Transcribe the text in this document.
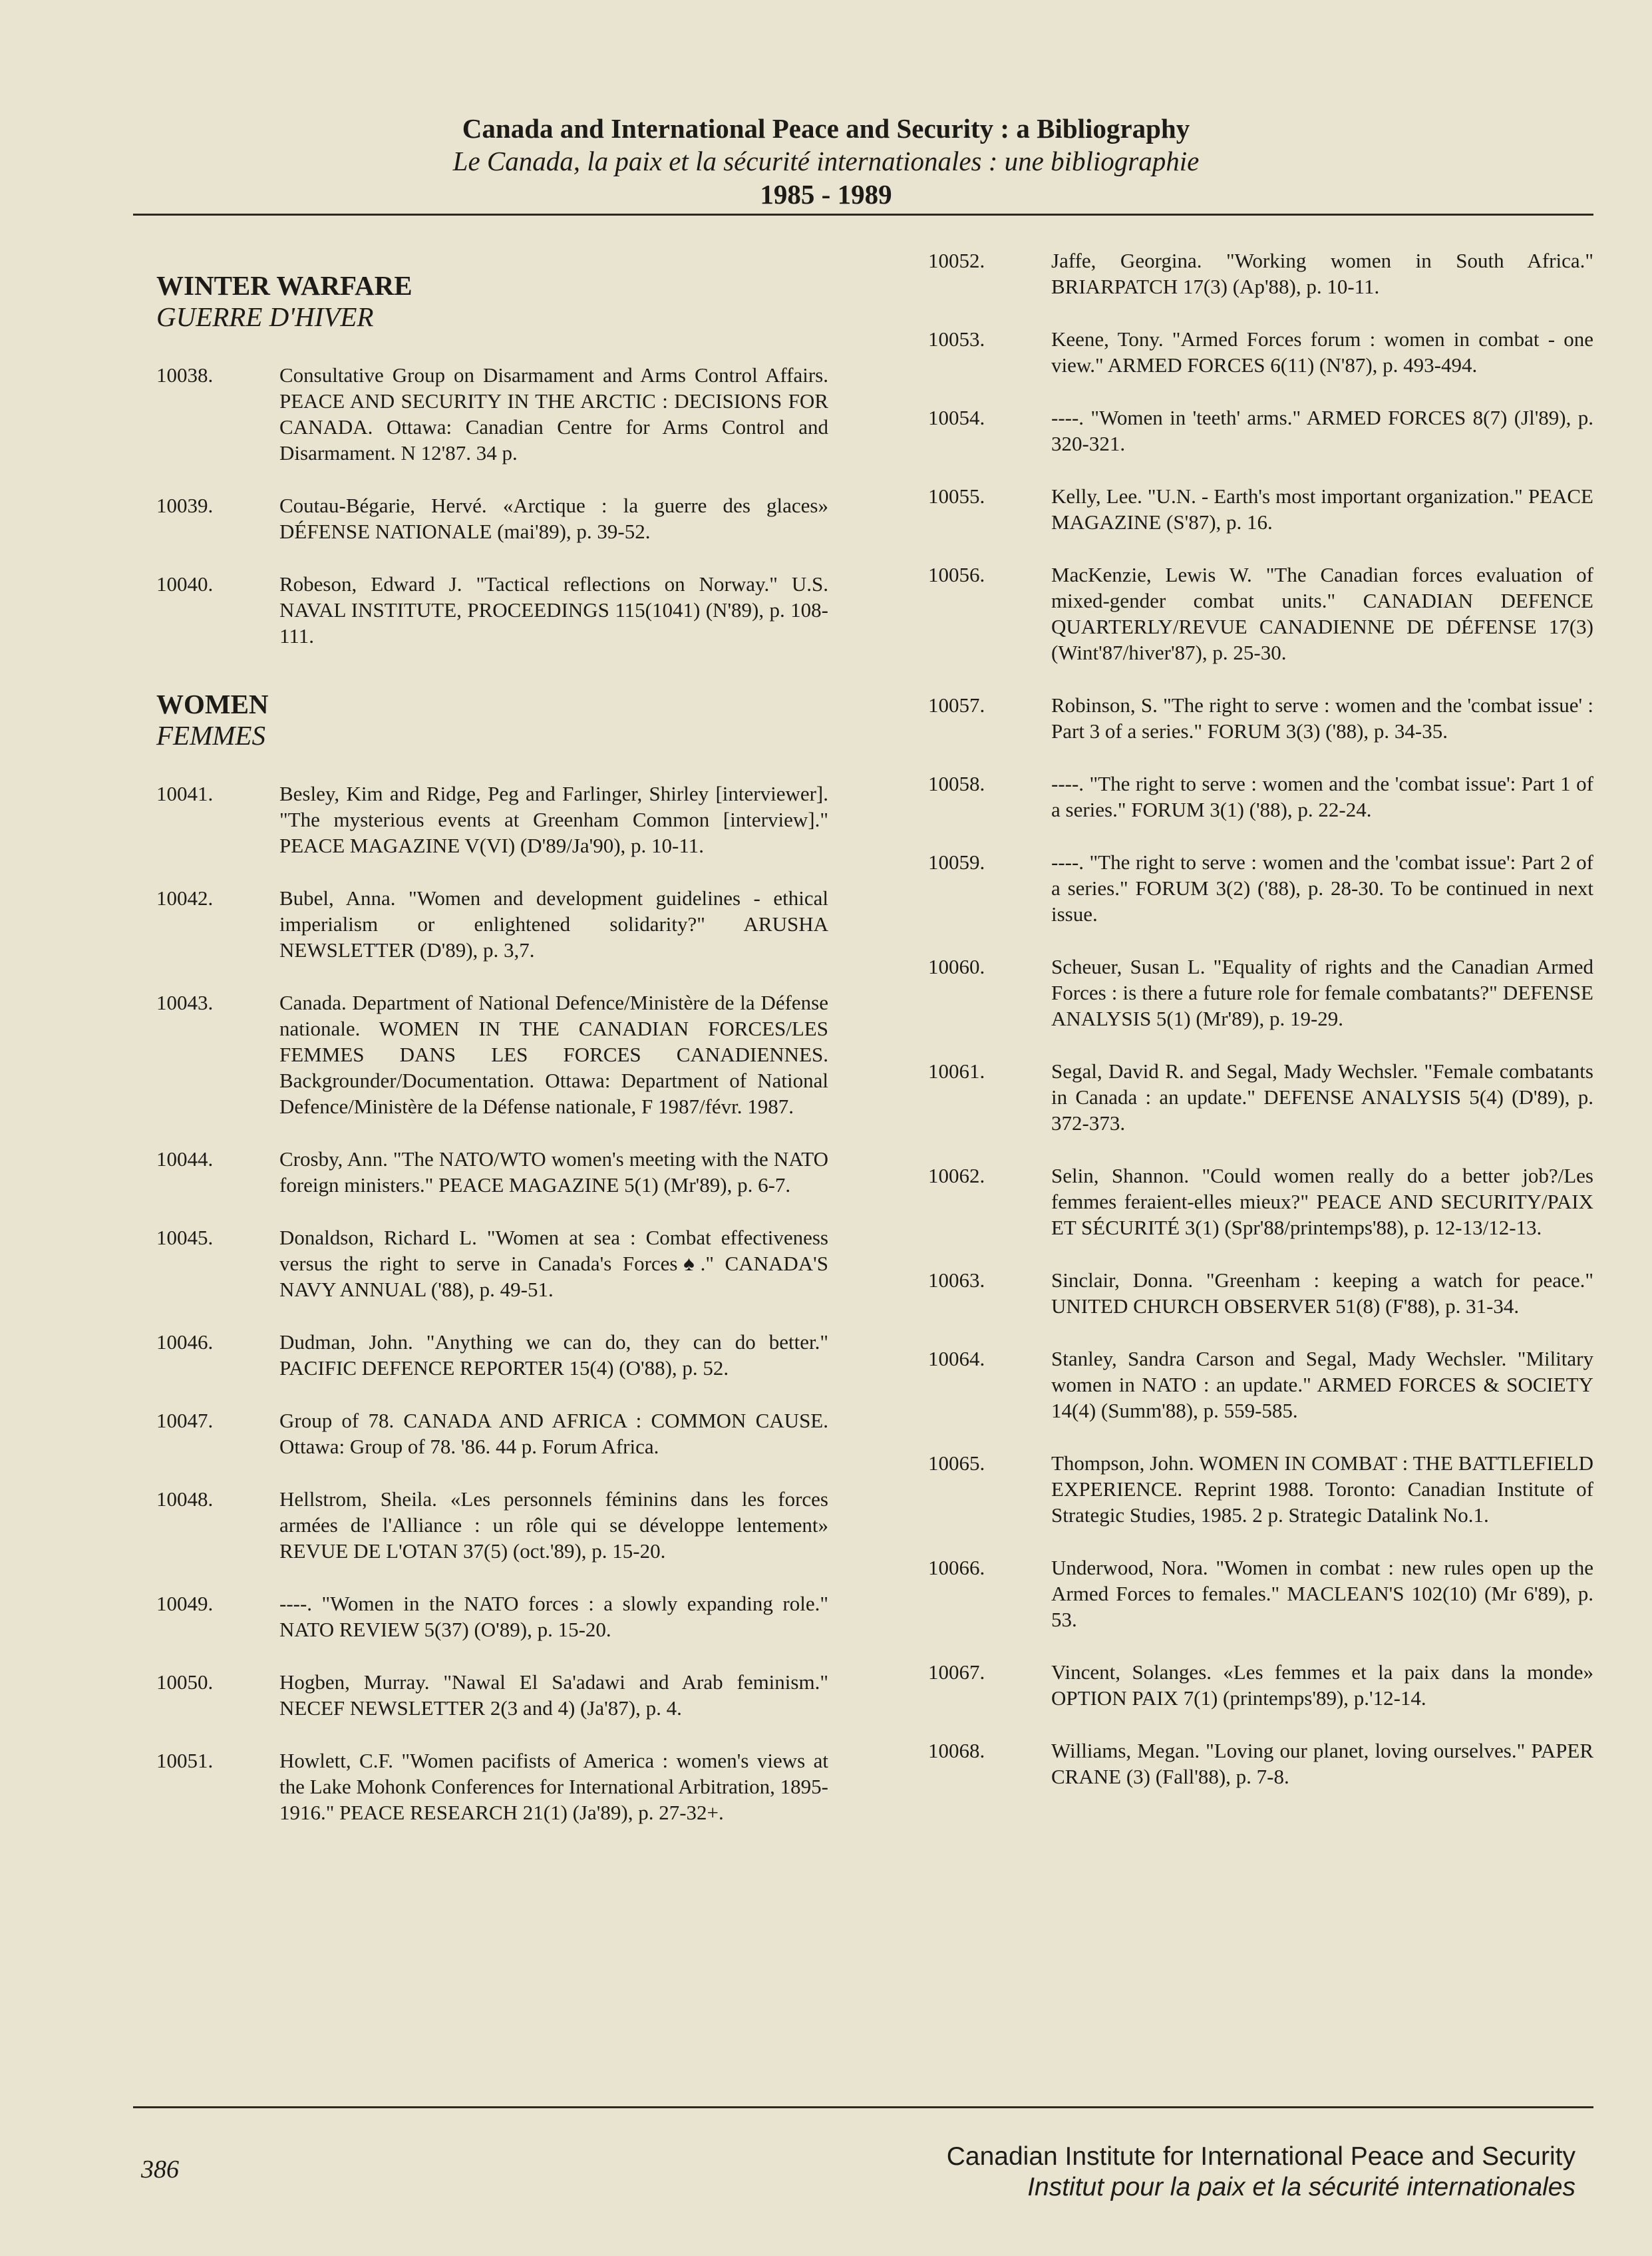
Canada and International Peace and Security : a Bibliography
Le Canada, la paix et la sécurité internationales : une bibliographie
1985 - 1989
WINTER WARFARE
GUERRE D'HIVER
10038.	Consultative Group on Disarmament and Arms Control Affairs. PEACE AND SECURITY IN THE ARCTIC : DECISIONS FOR CANADA. Ottawa: Canadian Centre for Arms Control and Disarmament. N 12'87. 34 p.
10039.	Coutau-Bégarie, Hervé. «Arctique : la guerre des glaces» DÉFENSE NATIONALE (mai'89), p. 39-52.
10040.	Robeson, Edward J. "Tactical reflections on Norway." U.S. NAVAL INSTITUTE, PROCEEDINGS 115(1041) (N'89), p. 108-111.
WOMEN
FEMMES
10041.	Besley, Kim and Ridge, Peg and Farlinger, Shirley [interviewer]. "The mysterious events at Greenham Common [interview]." PEACE MAGAZINE V(VI) (D'89/Ja'90), p. 10-11.
10042.	Bubel, Anna. "Women and development guidelines - ethical imperialism or enlightened solidarity?" ARUSHA NEWSLETTER (D'89), p. 3,7.
10043.	Canada. Department of National Defence/Ministère de la Défense nationale. WOMEN IN THE CANADIAN FORCES/LES FEMMES DANS LES FORCES CANADIENNES. Backgrounder/Documentation. Ottawa: Department of National Defence/Ministère de la Défense nationale, F 1987/févr. 1987.
10044.	Crosby, Ann. "The NATO/WTO women's meeting with the NATO foreign ministers." PEACE MAGAZINE 5(1) (Mr'89), p. 6-7.
10045.	Donaldson, Richard L. "Women at sea : Combat effectiveness versus the right to serve in Canada's Forces♠." CANADA'S NAVY ANNUAL ('88), p. 49-51.
10046.	Dudman, John. "Anything we can do, they can do better." PACIFIC DEFENCE REPORTER 15(4) (O'88), p. 52.
10047.	Group of 78. CANADA AND AFRICA : COMMON CAUSE. Ottawa: Group of 78. '86. 44 p. Forum Africa.
10048.	Hellstrom, Sheila. «Les personnels féminins dans les forces armées de l'Alliance : un rôle qui se développe lentement» REVUE DE L'OTAN 37(5) (oct.'89), p. 15-20.
10049.	----. "Women in the NATO forces : a slowly expanding role." NATO REVIEW 5(37) (O'89), p. 15-20.
10050.	Hogben, Murray. "Nawal El Sa'adawi and Arab feminism." NECEF NEWSLETTER 2(3 and 4) (Ja'87), p. 4.
10051.	Howlett, C.F. "Women pacifists of America : women's views at the Lake Mohonk Conferences for International Arbitration, 1895-1916." PEACE RESEARCH 21(1) (Ja'89), p. 27-32+.
10052.	Jaffe, Georgina. "Working women in South Africa." BRIARPATCH 17(3) (Ap'88), p. 10-11.
10053.	Keene, Tony. "Armed Forces forum : women in combat - one view." ARMED FORCES 6(11) (N'87), p. 493-494.
10054.	----. "Women in 'teeth' arms." ARMED FORCES 8(7) (Jl'89), p. 320-321.
10055.	Kelly, Lee. "U.N. - Earth's most important organization." PEACE MAGAZINE (S'87), p. 16.
10056.	MacKenzie, Lewis W. "The Canadian forces evaluation of mixed-gender combat units." CANADIAN DEFENCE QUARTERLY/REVUE CANADIENNE DE DÉFENSE 17(3) (Wint'87/hiver'87), p. 25-30.
10057.	Robinson, S. "The right to serve : women and the 'combat issue' : Part 3 of a series." FORUM 3(3) ('88), p. 34-35.
10058.	----. "The right to serve : women and the 'combat issue': Part 1 of a series." FORUM 3(1) ('88), p. 22-24.
10059.	----. "The right to serve : women and the 'combat issue': Part 2 of a series." FORUM 3(2) ('88), p. 28-30. To be continued in next issue.
10060.	Scheuer, Susan L. "Equality of rights and the Canadian Armed Forces : is there a future role for female combatants?" DEFENSE ANALYSIS 5(1) (Mr'89), p. 19-29.
10061.	Segal, David R. and Segal, Mady Wechsler. "Female combatants in Canada : an update." DEFENSE ANALYSIS 5(4) (D'89), p. 372-373.
10062.	Selin, Shannon. "Could women really do a better job?/Les femmes feraient-elles mieux?" PEACE AND SECURITY/PAIX ET SÉCURITÉ 3(1) (Spr'88/printemps'88), p. 12-13/12-13.
10063.	Sinclair, Donna. "Greenham : keeping a watch for peace." UNITED CHURCH OBSERVER 51(8) (F'88), p. 31-34.
10064.	Stanley, Sandra Carson and Segal, Mady Wechsler. "Military women in NATO : an update." ARMED FORCES & SOCIETY 14(4) (Summ'88), p. 559-585.
10065.	Thompson, John. WOMEN IN COMBAT : THE BATTLEFIELD EXPERIENCE. Reprint 1988. Toronto: Canadian Institute of Strategic Studies, 1985. 2 p. Strategic Datalink No.1.
10066.	Underwood, Nora. "Women in combat : new rules open up the Armed Forces to females." MACLEAN'S 102(10) (Mr 6'89), p. 53.
10067.	Vincent, Solanges. «Les femmes et la paix dans la monde» OPTION PAIX 7(1) (printemps'89), p.'12-14.
10068.	Williams, Megan. "Loving our planet, loving ourselves." PAPER CRANE (3) (Fall'88), p. 7-8.
386	Canadian Institute for International Peace and Security
Institut pour la paix et la sécurité internationales
